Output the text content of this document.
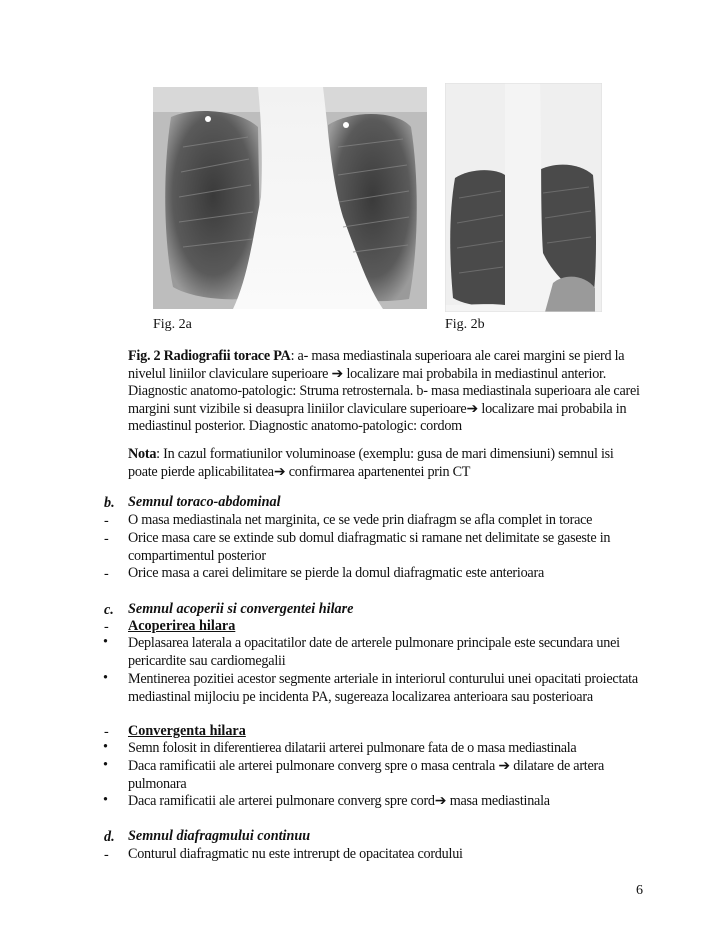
Fig. 2a	Fig. 2b
Fig. 2 Radiografii torace PA: a- masa mediastinala superioara ale carei margini se pierd la nivelul liniilor claviculare superioare ➔ localizare mai probabila in mediastinul anterior. Diagnostic anatomo-patologic: Struma retrosternala. b- masa mediastinala superioara ale carei margini sunt vizibile si deasupra liniilor claviculare superioare➔ localizare mai probabila in mediastinul posterior. Diagnostic anatomo-patologic: cordom
Nota: In cazul formatiunilor voluminoase (exemplu: gusa de mari dimensiuni) semnul isi poate pierde aplicabilitatea➔ confirmarea apartenentei prin CT
b. Semnul toraco-abdominal
- O masa mediastinala net marginita, ce se vede prin diafragm se afla complet in torace
- Orice masa care se extinde sub domul diafragmatic si ramane net delimitate se gaseste in compartimentul posterior
- Orice masa a carei delimitare se pierde la domul diafragmatic este anterioara
c. Semnul acoperii si convergentei hilare
- Acoperirea hilara
• Deplasarea laterala a opacitatilor date de arterele pulmonare principale este secundara unei pericardite sau cardiomegalii
• Mentinerea pozitiei acestor segmente arteriale in interiorul conturului unei opacitati proiectata mediastinal mijlociu pe incidenta PA, sugereaza localizarea anterioara sau posterioara
- Convergenta hilara
• Semn folosit in diferentierea dilatarii arterei pulmonare fata de o masa mediastinala
• Daca ramificatii ale arterei pulmonare converg spre o masa centrala ➔ dilatare de artera pulmonara
• Daca ramificatii ale arterei pulmonare converg spre cord➔ masa mediastinala
d. Semnul diafragmului continuu
- Conturul diafragmatic nu este intrerupt de opacitatea cordului
6
